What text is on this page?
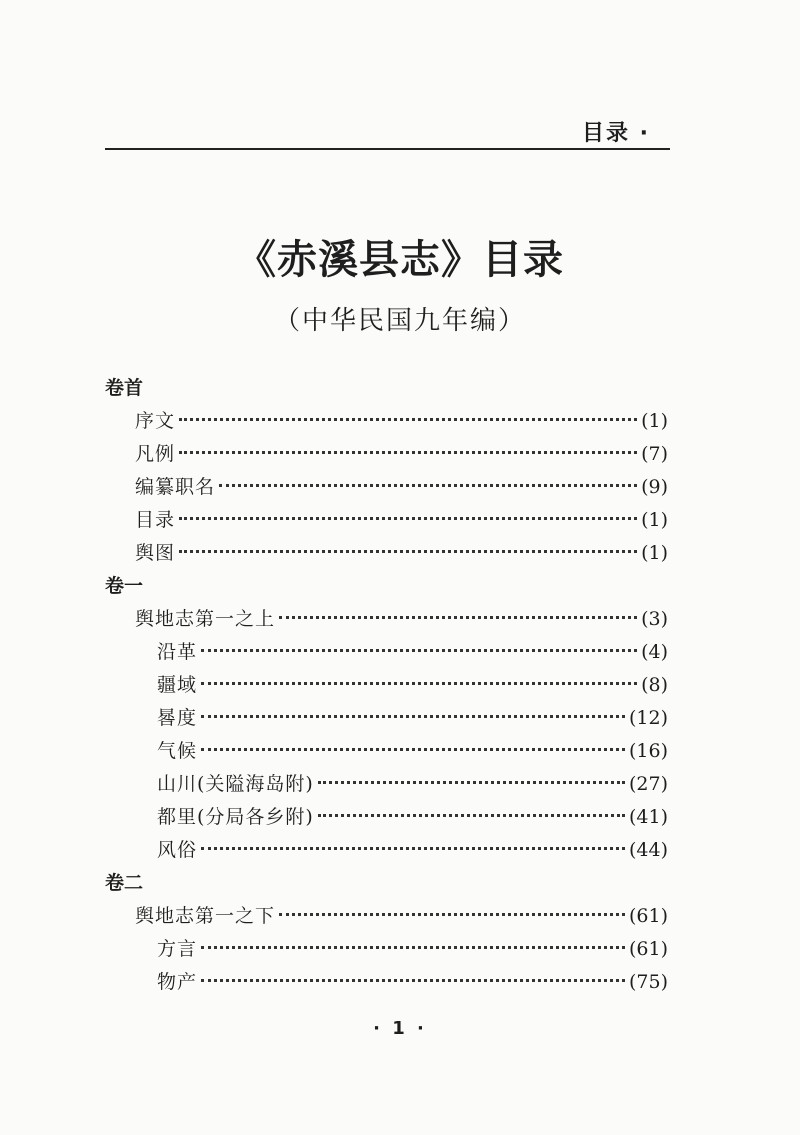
目录 ·
《赤溪县志》目录
（中华民国九年编）
卷首
序文	(1)
凡例	(7)
编纂职名	(9)
目录	(1)
舆图	(1)
卷一
舆地志第一之上	(3)
沿革	(4)
疆域	(8)
晷度	(12)
气候	(16)
山川(关隘海岛附)	(27)
都里(分局各乡附)	(41)
风俗	(44)
卷二
舆地志第一之下	(61)
方言	(61)
物产	(75)
· 1 ·
